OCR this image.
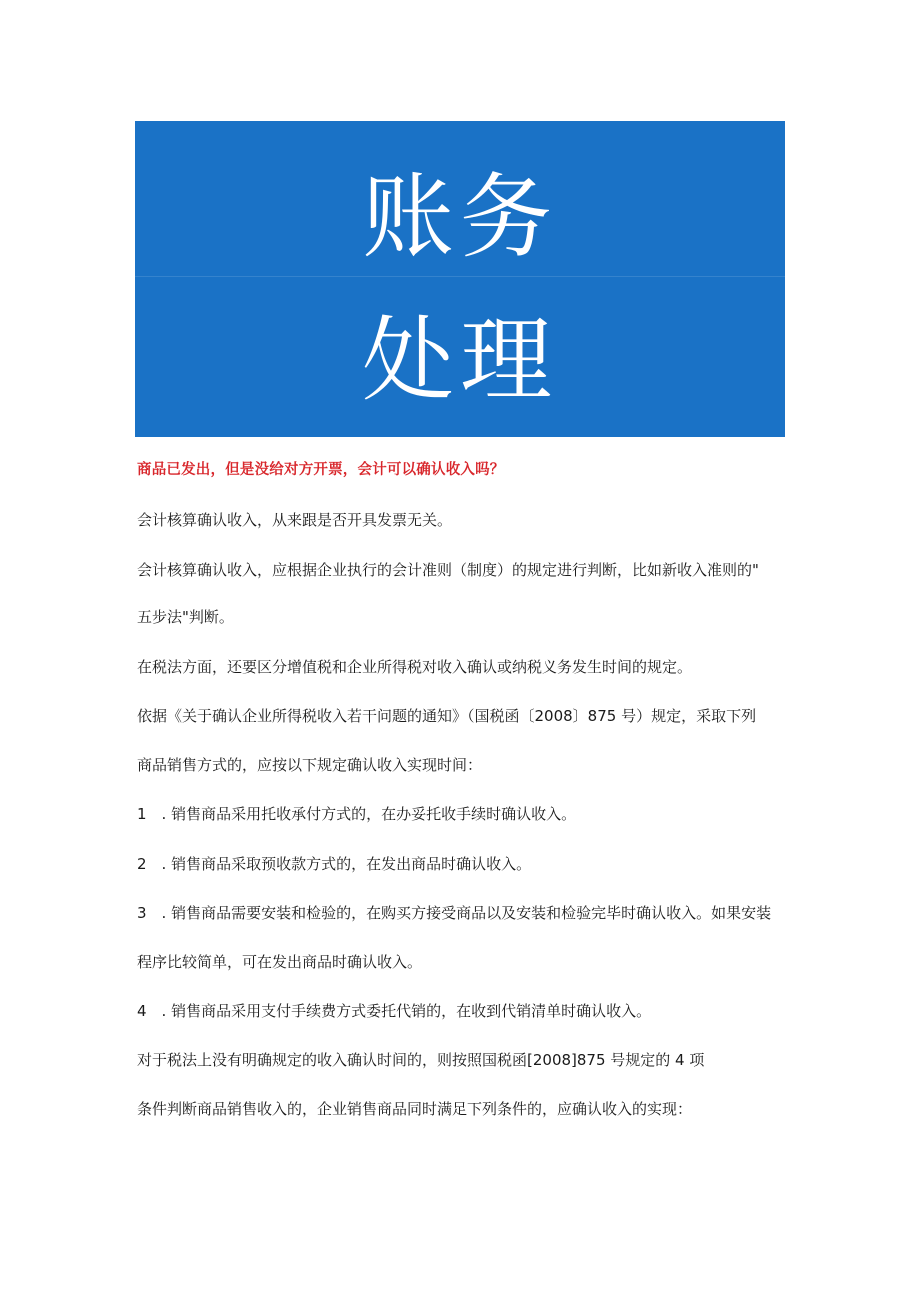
账务
处理
商品已发出，但是没给对方开票，会计可以确认收入吗？
会计核算确认收入，从来跟是否开具发票无关。
会计核算确认收入，应根据企业执行的会计准则（制度）的规定进行判断，比如新收入准则的"
五步法"判断。
在税法方面，还要区分增值税和企业所得税对收入确认或纳税义务发生时间的规定。
依据《关于确认企业所得税收入若干问题的通知》（国税函〔2008〕875 号）规定，采取下列
商品销售方式的，应按以下规定确认收入实现时间：
1　. 销售商品采用托收承付方式的，在办妥托收手续时确认收入。
2　. 销售商品采取预收款方式的，在发出商品时确认收入。
3　. 销售商品需要安装和检验的，在购买方接受商品以及安装和检验完毕时确认收入。如果安装
程序比较简单，可在发出商品时确认收入。
4　. 销售商品采用支付手续费方式委托代销的，在收到代销清单时确认收入。
对于税法上没有明确规定的收入确认时间的，则按照国税函[2008]875 号规定的 4 项
条件判断商品销售收入的，企业销售商品同时满足下列条件的，应确认收入的实现：
